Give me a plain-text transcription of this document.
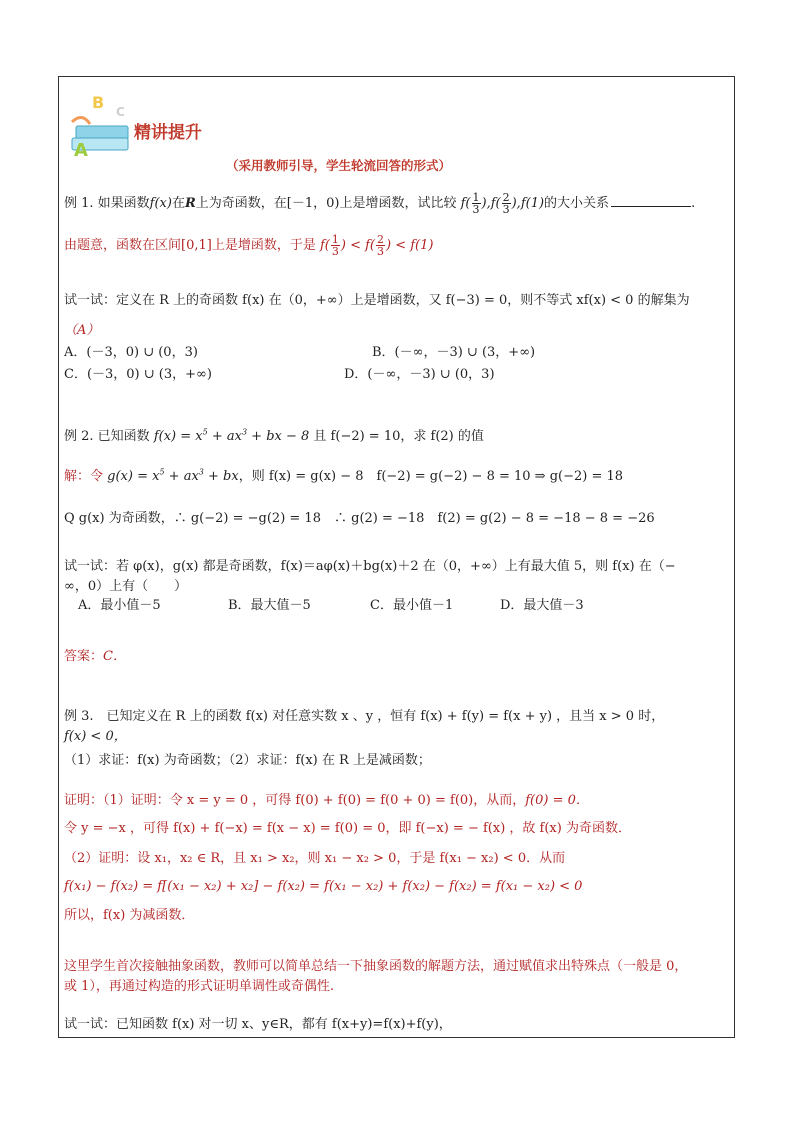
B C
A
精讲提升
（采用教师引导，学生轮流回答的形式）
例 1. 如果函数f(x)在R上为奇函数，在[－1，0)上是增函数，试比较 $f( \frac{1}{3} ),f( \frac{2}{3} ),f(1)$的大小关系	.
由题意，函数在区间[0,1]上是增函数，于是 $f( \frac{1}{3}$ ) < $f( \frac{2}{3}$ ) < f(1)
试一试：定义在 R 上的奇函数 f(x) 在（0，+∞）上是增函数，又 f(−3) = 0，则不等式 xf(x) < 0 的解集为
（A）
A．(－3，0) ∪ (0，3)	B．(－∞，－3) ∪ (3，+∞)
C．(－3，0) ∪ (3，+∞)	D．(－∞，－3) ∪ (0，3)
例 2. 已知函数 $f(x) = x^5 + ax^3$ + bx − 8 且 f(−2) = 10，求 f(2) 的值
解：令 $g(x) = x^5 + ax^3$ + bx，则 f(x) = g(x) − 8　 f(−2) = g(−2) − 8 = 10 ⇒ g(−2) = 18
Q g(x) 为奇函数，∴ g(−2) = −g(2) = 18　 ∴ g(2) = −18　 f(2) = g(2) − 8 = −18 − 8 = −26
试一试：若 φ(x)，g(x) 都是奇函数，f(x)＝aφ(x)＋bg(x)＋2 在（0，+∞）上有最大值 5，则 f(x) 在（−
∞，0）上有（　　）
A．最小值－5	B．最大值－5	C．最小值－1	D．最大值－3
答案：C．
例 3.　已知定义在 R 上的函数 f(x) 对任意实数 x 、y ，恒有 f(x) + f(y) = f(x + y) ，且当 x > 0 时，
f(x) < 0，
（1）求证：f(x) 为奇函数；（2）求证：f(x) 在 R 上是减函数；
证明：（1）证明：令 x = y = 0 ，可得 f(0) + f(0) = f(0 + 0) = f(0)，从而，f(0) = 0．
令 y = −x ，可得 f(x) + f(−x) = f(x − x) = f(0) = 0，即 f(−x) = − f(x) ，故 f(x) 为奇函数．
（2）证明：设 x₁，x₂ ∈ R，且 x₁ > x₂，则 x₁ − x₂ > 0，于是 f(x₁ − x₂) < 0．从而
f(x₁) − f(x₂) = f[(x₁ − x₂) + x₂] − f(x₂) = f(x₁ − x₂) + f(x₂) − f(x₂) = f(x₁ − x₂) < 0
所以，f(x) 为减函数．
这里学生首次接触抽象函数，教师可以简单总结一下抽象函数的解题方法，通过赋值求出特殊点（一般是 0，
或 1），再通过构造的形式证明单调性或奇偶性.
试一试：已知函数 f(x) 对一切 x、y∈R，都有 f(x+y)=f(x)+f(y)，
